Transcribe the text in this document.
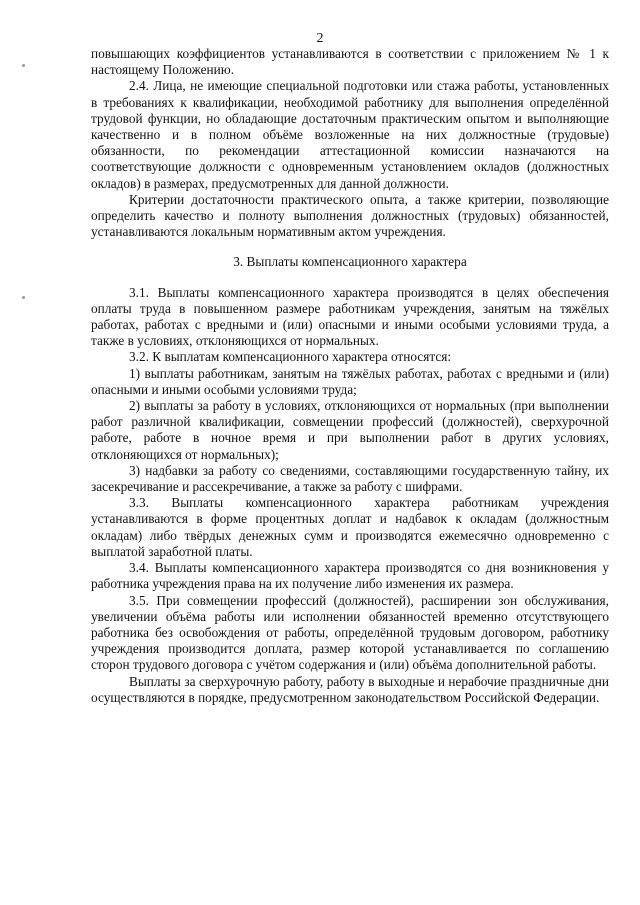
2

повышающих коэффициентов устанавливаются в соответствии с приложением № 1 к настоящему Положению.

2.4. Лица, не имеющие специальной подготовки или стажа работы, установленных в требованиях к квалификации, необходимой работнику для выполнения определённой трудовой функции, но обладающие достаточным практическим опытом и выполняющие качественно и в полном объёме возложенные на них должностные (трудовые) обязанности, по рекомендации аттестационной комиссии назначаются на соответствующие должности с одновременным установлением окладов (должностных окладов) в размерах, предусмотренных для данной должности.

Критерии достаточности практического опыта, а также критерии, позволяющие определить качество и полноту выполнения должностных (трудовых) обязанностей, устанавливаются локальным нормативным актом учреждения.

3. Выплаты компенсационного характера

3.1. Выплаты компенсационного характера производятся в целях обеспечения оплаты труда в повышенном размере работникам учреждения, занятым на тяжёлых работах, работах с вредными и (или) опасными и иными особыми условиями труда, а также в условиях, отклоняющихся от нормальных.

3.2. К выплатам компенсационного характера относятся:

1) выплаты работникам, занятым на тяжёлых работах, работах с вредными и (или) опасными и иными особыми условиями труда;

2) выплаты за работу в условиях, отклоняющихся от нормальных (при выполнении работ различной квалификации, совмещении профессий (должностей), сверхурочной работе, работе в ночное время и при выполнении работ в других условиях, отклоняющихся от нормальных);

3) надбавки за работу со сведениями, составляющими государственную тайну, их засекречивание и рассекречивание, а также за работу с шифрами.

3.3. Выплаты компенсационного характера работникам учреждения устанавливаются в форме процентных доплат и надбавок к окладам (должностным окладам) либо твёрдых денежных сумм и производятся ежемесячно одновременно с выплатой заработной платы.

3.4. Выплаты компенсационного характера производятся со дня возникновения у работника учреждения права на их получение либо изменения их размера.

3.5. При совмещении профессий (должностей), расширении зон обслуживания, увеличении объёма работы или исполнении обязанностей временно отсутствующего работника без освобождения от работы, определённой трудовым договором, работнику учреждения производится доплата, размер которой устанавливается по соглашению сторон трудового договора с учётом содержания и (или) объёма дополнительной работы.

Выплаты за сверхурочную работу, работу в выходные и нерабочие праздничные дни осуществляются в порядке, предусмотренном законодательством Российской Федерации.
